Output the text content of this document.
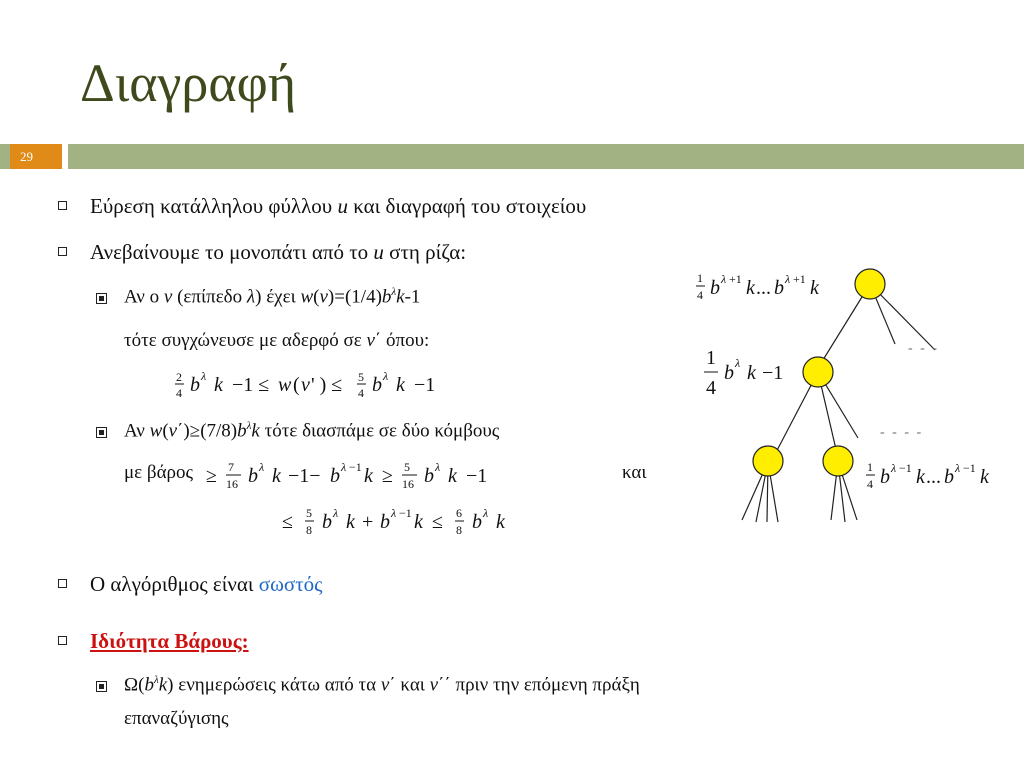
Διαγραφή
29
Εύρεση κατάλληλου φύλλου u και διαγραφή του στοιχείου
Ανεβαίνουμε το μονοπάτι από το u στη ρίζα:
Αν ο v (επίπεδο λ) έχει $w(v)=(1/4)b^\lambda k-1$
τότε συγχώνευσε με αδερφό σε v΄ όπου:
2
4 b λ k −1 ≤ w ( v ' ) ≤ 5
4 b λ k −1
Αν $w(v΄)\ge(7/8)b^\lambda k$ τότε διασπάμε σε δύο κόμβους
με βάρος ≥ 7
16 b λ k −1− b λ −1 k ≥ 5
16 b λ k −1	και
≤ 5
8 b λ k + b λ −1 k ≤ 6
8 b λ k
Ο αλγόριθμος είναι σωστός
Ιδιότητα Βάρους:
$\Omega(b^\lambda k)$ ενημερώσεις κάτω από τα v΄ και v΄΄ πριν την επόμενη πράξη
επαναζύγισης
- - -
- - - -
1
4 b λ +1 k ... b λ +1 k
1
4
b λ k −1
1
4 b λ −1 k ... b λ −1 k
